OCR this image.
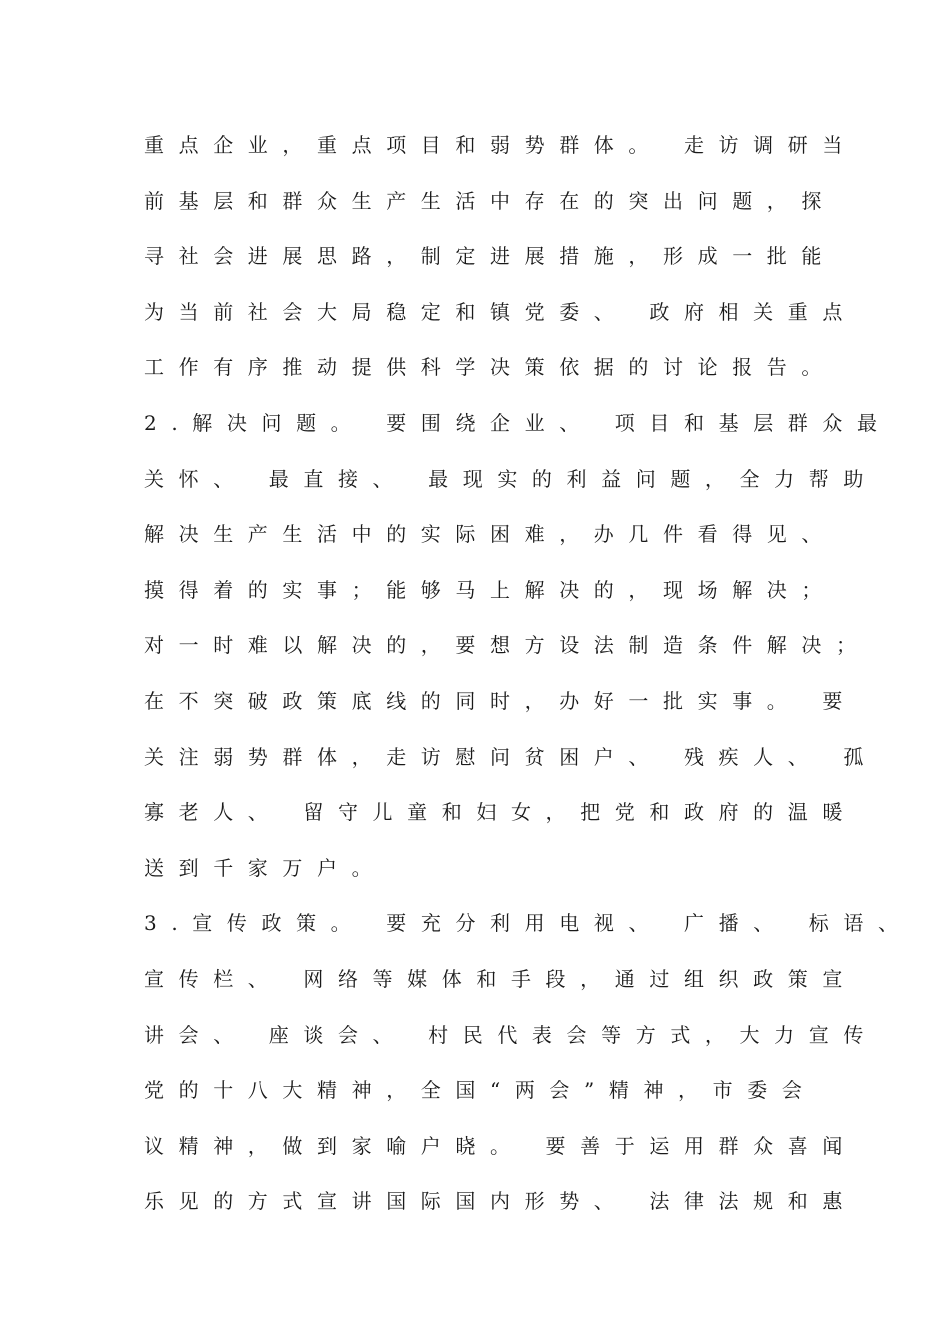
重点企业，重点项目和弱势群体。 走访调研当
前基层和群众生产生活中存在的突出问题，探
寻社会进展思路，制定进展措施，形成一批能
为当前社会大局稳定和镇党委、 政府相关重点
工作有序推动提供科学决策依据的讨论报告。
2.解决问题。 要围绕企业、 项目和基层群众最
关怀、 最直接、 最现实的利益问题，全力帮助
解决生产生活中的实际困难，办几件看得见、
摸得着的实事；能够马上解决的，现场解决；
对一时难以解决的，要想方设法制造条件解决；
在不突破政策底线的同时，办好一批实事。 要
关注弱势群体，走访慰问贫困户、 残疾人、 孤
寡老人、 留守儿童和妇女，把党和政府的温暖
送到千家万户。
3.宣传政策。 要充分利用电视、 广播、 标语、
宣传栏、 网络等媒体和手段，通过组织政策宣
讲会、 座谈会、 村民代表会等方式，大力宣传
党的十八大精神，全国“两会”精神，市委会
议精神，做到家喻户晓。 要善于运用群众喜闻
乐见的方式宣讲国际国内形势、 法律法规和惠
